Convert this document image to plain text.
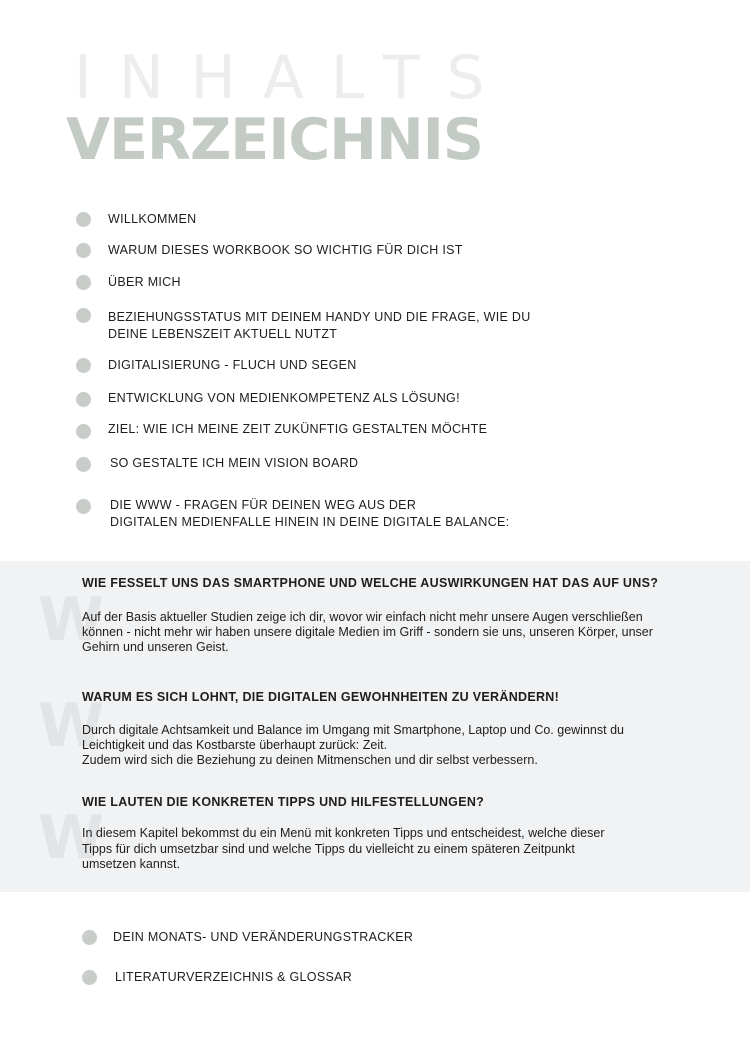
INHALTS
VERZEICHNIS
WILLKOMMEN
WARUM DIESES WORKBOOK SO WICHTIG FÜR DICH IST
ÜBER MICH
BEZIEHUNGSSTATUS MIT DEINEM HANDY UND DIE FRAGE, WIE DU
DEINE LEBENSZEIT AKTUELL NUTZT
DIGITALISIERUNG - FLUCH UND SEGEN
ENTWICKLUNG VON MEDIENKOMPETENZ ALS LÖSUNG!
ZIEL: WIE ICH MEINE ZEIT ZUKÜNFTIG GESTALTEN MÖCHTE
SO GESTALTE ICH MEIN VISION BOARD
DIE WWW - FRAGEN FÜR DEINEN WEG AUS DER
DIGITALEN MEDIENFALLE HINEIN IN DEINE DIGITALE BALANCE:
W
WIE FESSELT UNS DAS SMARTPHONE UND WELCHE AUSWIRKUNGEN HAT DAS AUF UNS?
Auf der Basis aktueller Studien zeige ich dir, wovor wir einfach nicht mehr unsere Augen verschließen
können - nicht mehr wir haben unsere digitale Medien im Griff - sondern sie uns, unseren Körper, unser
Gehirn und unseren Geist.
W
WARUM ES SICH LOHNT, DIE DIGITALEN GEWOHNHEITEN ZU VERÄNDERN!
Durch digitale Achtsamkeit und Balance im Umgang mit Smartphone, Laptop und Co. gewinnst du
Leichtigkeit und das Kostbarste überhaupt zurück: Zeit.
Zudem wird sich die Beziehung zu deinen Mitmenschen und dir selbst verbessern.
W
WIE LAUTEN DIE KONKRETEN TIPPS UND HILFESTELLUNGEN?
In diesem Kapitel bekommst du ein Menü mit konkreten Tipps und entscheidest, welche dieser
Tipps für dich umsetzbar sind und welche Tipps du vielleicht zu einem späteren Zeitpunkt
umsetzen kannst.
DEIN MONATS- UND VERÄNDERUNGSTRACKER
LITERATURVERZEICHNIS & GLOSSAR
